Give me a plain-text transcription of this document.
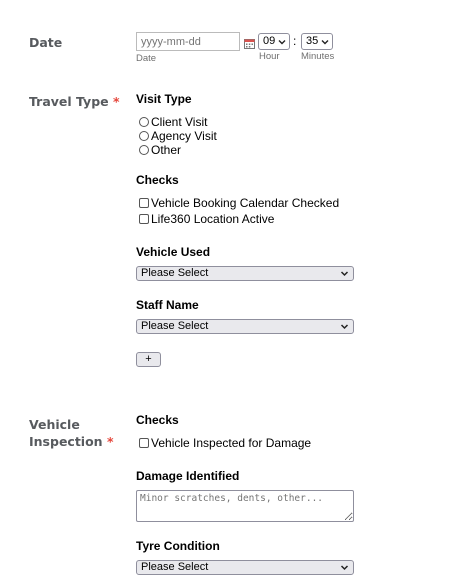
Date
yyyy-mm-dd
Date
09	: 35
Hour Minutes
Travel Type * Visit Type
Client Visit
Agency Visit
Other
Checks
Vehicle Booking Calendar Checked
Life360 Location Active
Vehicle Used
Please Select
Staff Name
Please Select
+
Vehicle
Inspection *
Checks
Vehicle Inspected for Damage
Damage Identified
Minor scratches, dents, other...
Tyre Condition
Please Select
